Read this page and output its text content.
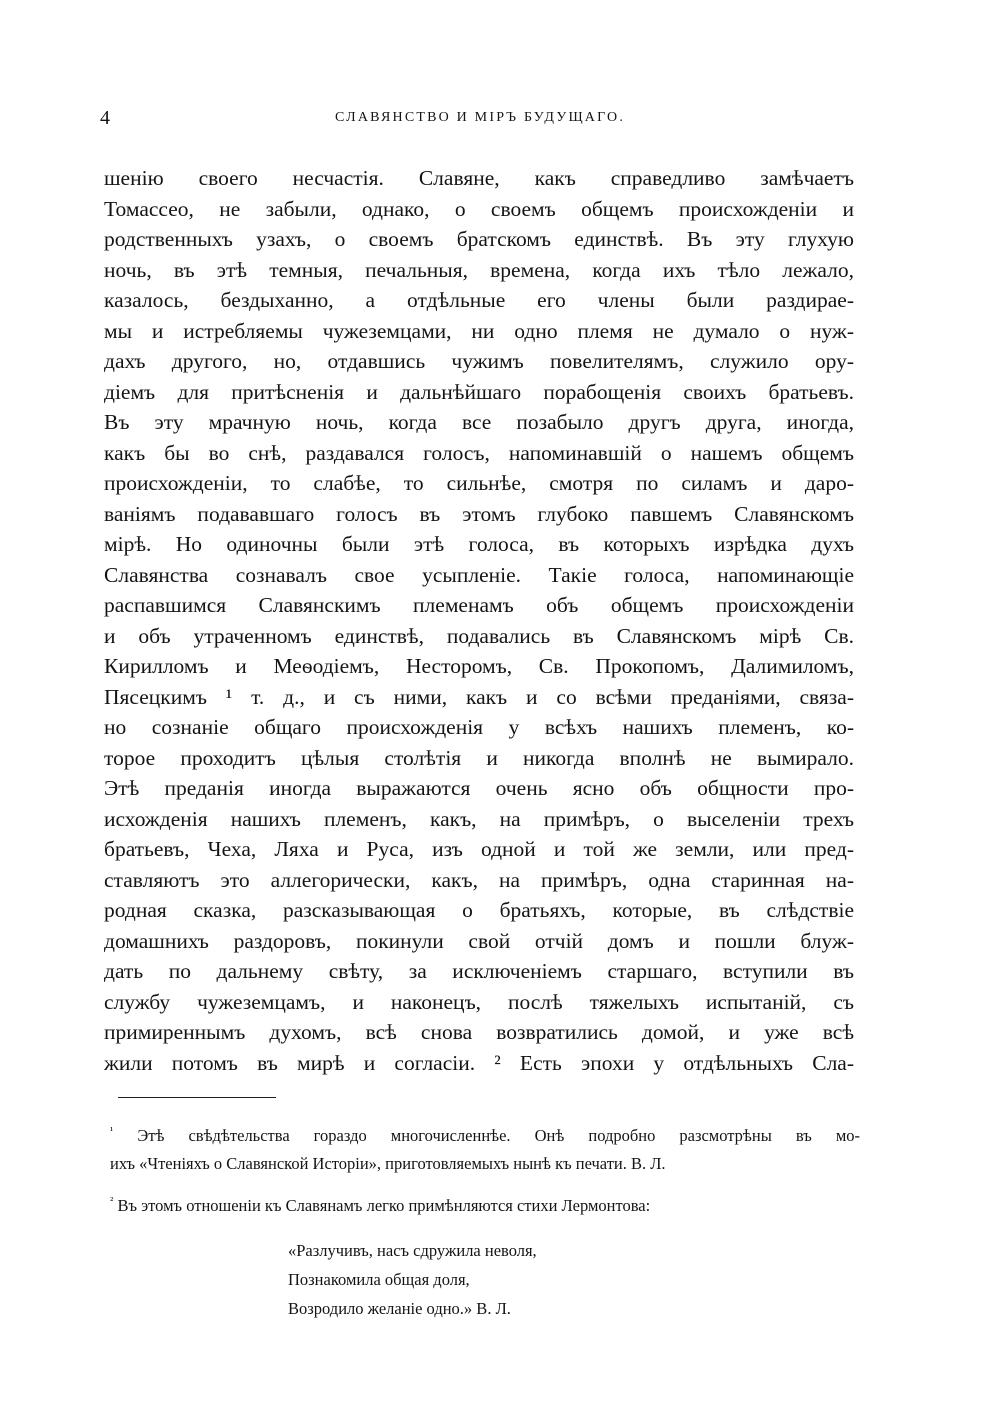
4	СЛАВЯНСТВО И МІРЪ БУДУЩАГО.
шенію своего несчастія. Славяне, какъ справедливо замѣчаетъ
Томассео, не забыли, однако, о своемъ общемъ происхожденіи и
родственныхъ узахъ, о своемъ братскомъ единствѣ. Въ эту глухую
ночь, въ этѣ темныя, печальныя, времена, когда ихъ тѣло лежало,
казалось, бездыханно, а отдѣльные его члены были раздирае-
мы и истребляемы чужеземцами, ни одно племя не думало о нуж-
дахъ другого, но, отдавшись чужимъ повелителямъ, служило ору-
діемъ для притѣсненія и дальнѣйшаго порабощенія своихъ братьевъ.
Въ эту мрачную ночь, когда все позабыло другъ друга, иногда,
какъ бы во снѣ, раздавался голосъ, напоминавшій о нашемъ общемъ
происхожденіи, то слабѣе, то сильнѣе, смотря по силамъ и даро-
ваніямъ подававшаго голосъ въ этомъ глубоко павшемъ Славянскомъ
мірѣ. Но одиночны были этѣ голоса, въ которыхъ изрѣдка духъ
Славянства сознавалъ свое усыпленіе. Такіе голоса, напоминающіе
распавшимся Славянскимъ племенамъ объ общемъ происхожденіи
и объ утраченномъ единствѣ, подавались въ Славянскомъ мірѣ Св.
Кирилломъ и Меѳодіемъ, Несторомъ, Св. Прокопомъ, Далимиломъ,
Пясецкимъ ¹ т. д., и съ ними, какъ и со всѣми преданіями, связа-
но сознаніе общаго происхожденія у всѣхъ нашихъ племенъ, ко-
торое проходитъ цѣлыя столѣтія и никогда вполнѣ не вымирало.
Этѣ преданія иногда выражаются очень ясно объ общности про-
исхожденія нашихъ племенъ, какъ, на примѣръ, о выселеніи трехъ
братьевъ, Чеха, Ляха и Руса, изъ одной и той же земли, или пред-
ставляютъ это аллегорически, какъ, на примѣръ, одна старинная на-
родная сказка, разсказывающая о братьяхъ, которые, въ слѣдствіе
домашнихъ раздоровъ, покинули свой отчій домъ и пошли блуж-
дать по дальнему свѣту, за исключеніемъ старшаго, вступили въ
службу чужеземцамъ, и наконецъ, послѣ тяжелыхъ испытаній, съ
примиреннымъ духомъ, всѣ снова возвратились домой, и уже всѣ
жили потомъ въ мирѣ и согласіи. ² Есть эпохи у отдѣльныхъ Сла-
$^{^1}$ Этѣ свѣдѣтельства гораздо многочисленнѣе. Онѣ подробно разсмотрѣны въ мо-
ихъ «Чтеніяхъ о Славянской Исторіи», приготовляемыхъ нынѣ къ печати. В. Л.
$^{^2}$ Въ этомъ отношеніи къ Славянамъ легко примѣнляются стихи Лермонтова:
«Разлучивъ, насъ сдружила неволя,
Познакомила общая доля,
Возродило желаніе одно.» В. Л.
